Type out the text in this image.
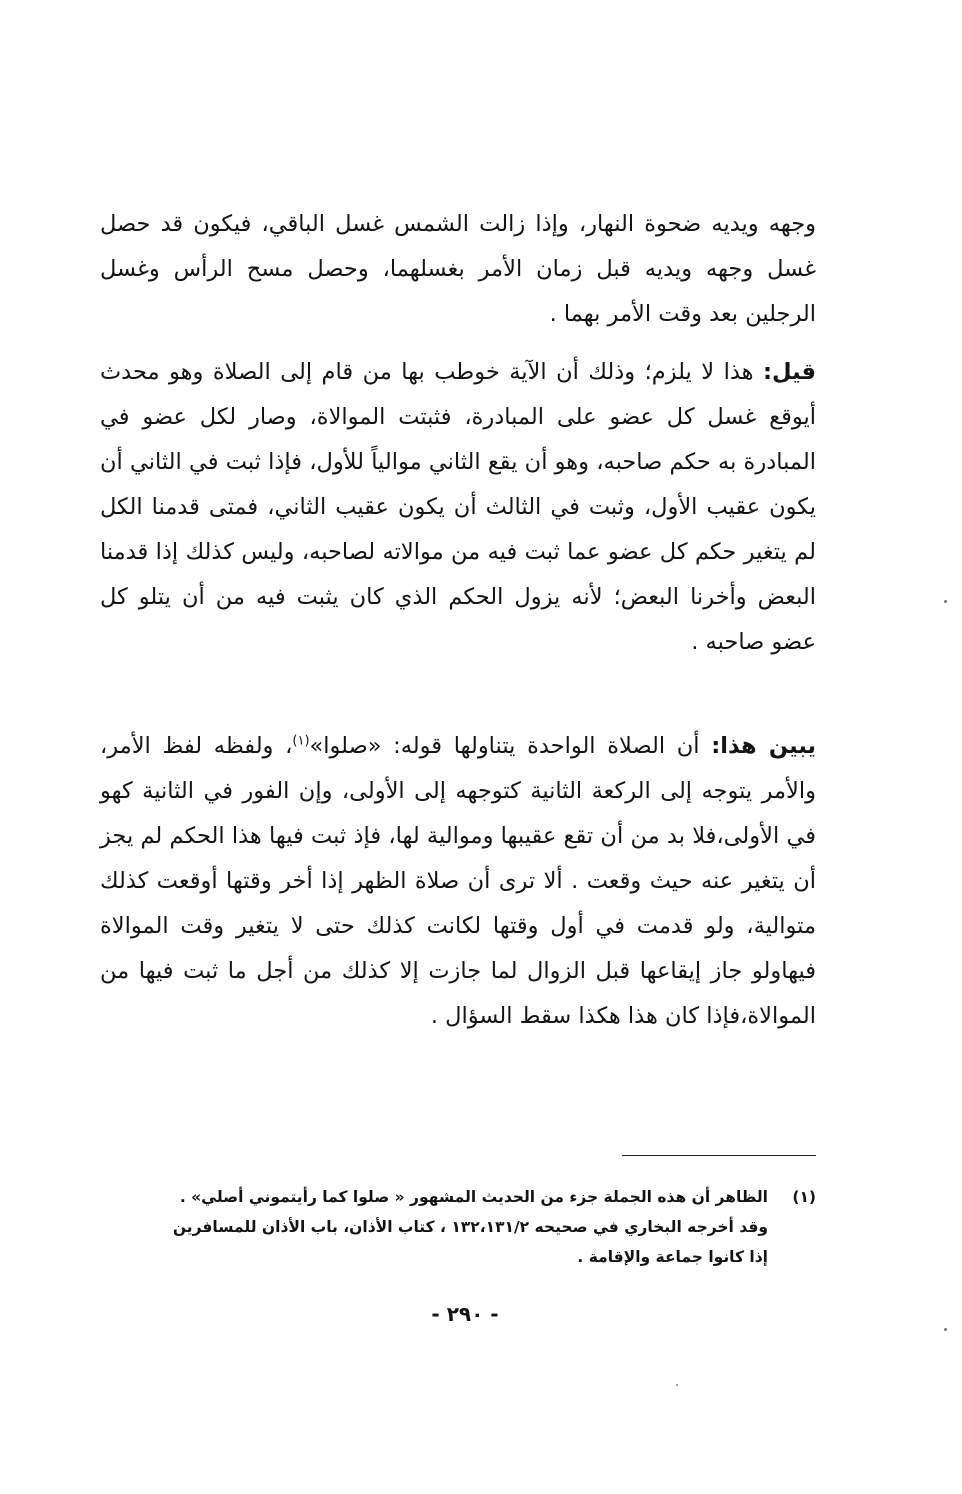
وجهه ويديه ضحوة النهار، وإذا زالت الشمس غسل الباقي، فيكون قد حصل غسل وجهه ويديه قبل زمان الأمر بغسلهما، وحصل مسح الرأس وغسل الرجلين بعد وقت الأمر بهما .

قيل: هذا لا يلزم؛ وذلك أن الآية خوطب بها من قام إلى الصلاة وهو محدث أيوقع غسل كل عضو على المبادرة، فثبتت الموالاة، وصار لكل عضو في المبادرة به حكم صاحبه، وهو أن يقع الثاني موالياً للأول، فإذا ثبت في الثاني أن يكون عقيب الأول، وثبت في الثالث أن يكون عقيب الثاني، فمتى قدمنا الكل لم يتغير حكم كل عضو عما ثبت فيه من موالاته لصاحبه، وليس كذلك إذا قدمنا البعض وأخرنا البعض؛ لأنه يزول الحكم الذي كان يثبت فيه من أن يتلو كل عضو صاحبه .

يبين هذا: أن الصلاة الواحدة يتناولها قوله: «صلوا»$^{(١)}$، ولفظه لفظ الأمر، والأمر يتوجه إلى الركعة الثانية كتوجهه إلى الأولى، وإن الفور في الثانية كهو في الأولى،فلا بد من أن تقع عقيبها وموالية لها، فإذ ثبت فيها هذا الحكم لم يجز أن يتغير عنه حيث وقعت . ألا ترى أن صلاة الظهر إذا أخر وقتها أوقعت كذلك متوالية، ولو قدمت في أول وقتها لكانت كذلك حتى لا يتغير وقت الموالاة فيهاولو جاز إيقاعها قبل الزوال لما جازت إلا كذلك من أجل ما ثبت فيها من الموالاة،فإذا كان هذا هكذا سقط السؤال .

(١)
الظاهر أن هذه الجملة جزء من الحديث المشهور « صلوا كما رأيتموني أصلي» .
وقد أخرجه البخاري في صحيحه ١٣٢،١٣١/٢ ، كتاب الأذان، باب الأذان للمسافرين
إذا كانوا جماعة والإقامة .
- ٢٩٠ -
